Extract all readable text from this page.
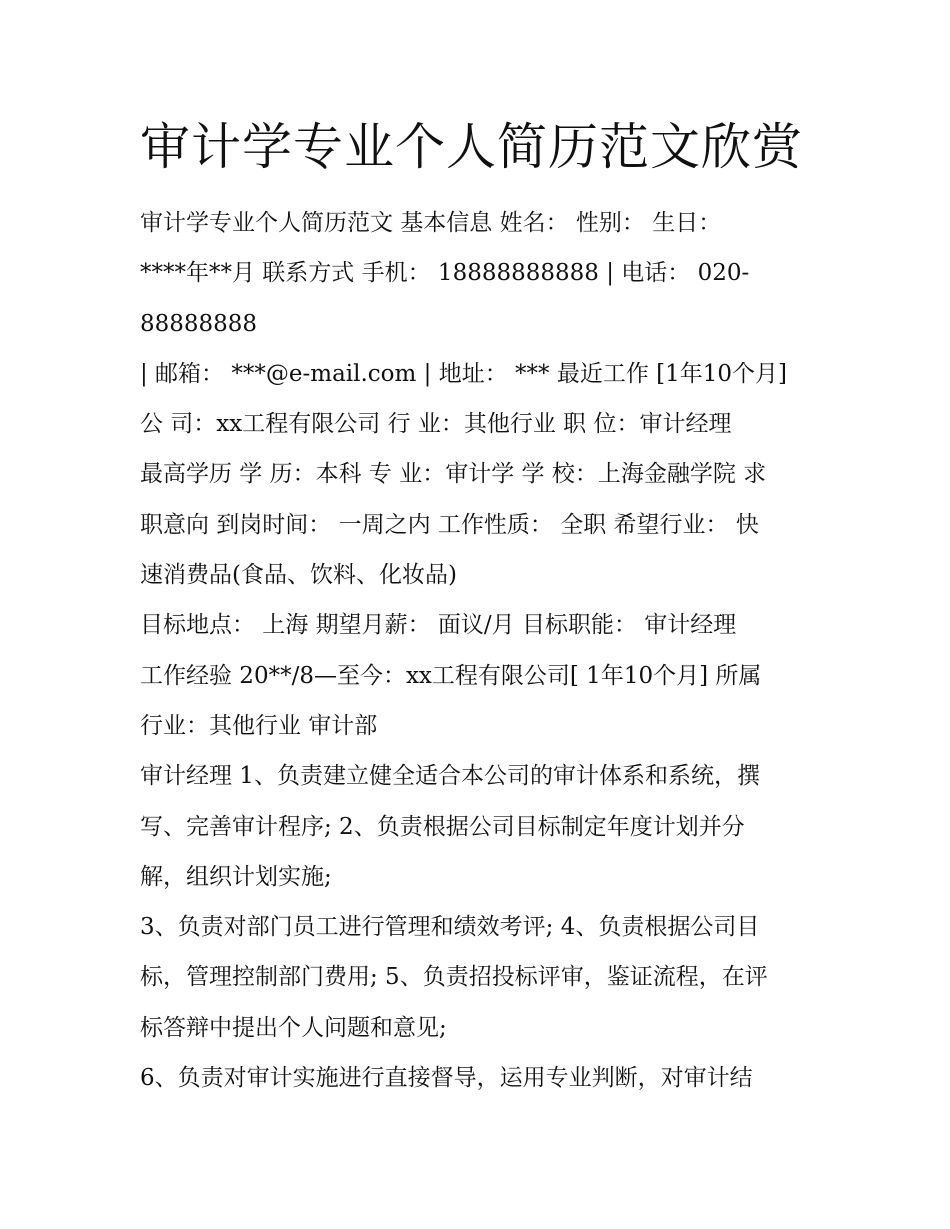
审计学专业个人简历范文欣赏
审计学专业个人简历范文 基本信息 姓名： 性别： 生日：
****年**月 联系方式 手机： 18888888888 | 电话： 020-
88888888
| 邮箱： ***@e-mail.com | 地址： *** 最近工作 [1年10个月]
公 司：xx工程有限公司 行 业：其他行业 职 位：审计经理
最高学历 学 历：本科 专 业：审计学 学 校：上海金融学院 求
职意向 到岗时间： 一周之内 工作性质： 全职 希望行业： 快
速消费品(食品、饮料、化妆品)
目标地点： 上海 期望月薪： 面议/月 目标职能： 审计经理
工作经验 20**/8—至今：xx工程有限公司[ 1年10个月] 所属
行业：其他行业 审计部
审计经理 1、负责建立健全适合本公司的审计体系和系统，撰
写、完善审计程序; 2、负责根据公司目标制定年度计划并分
解，组织计划实施;
3、负责对部门员工进行管理和绩效考评; 4、负责根据公司目
标，管理控制部门费用; 5、负责招投标评审，鉴证流程，在评
标答辩中提出个人问题和意见;
6、负责对审计实施进行直接督导，运用专业判断，对审计结
